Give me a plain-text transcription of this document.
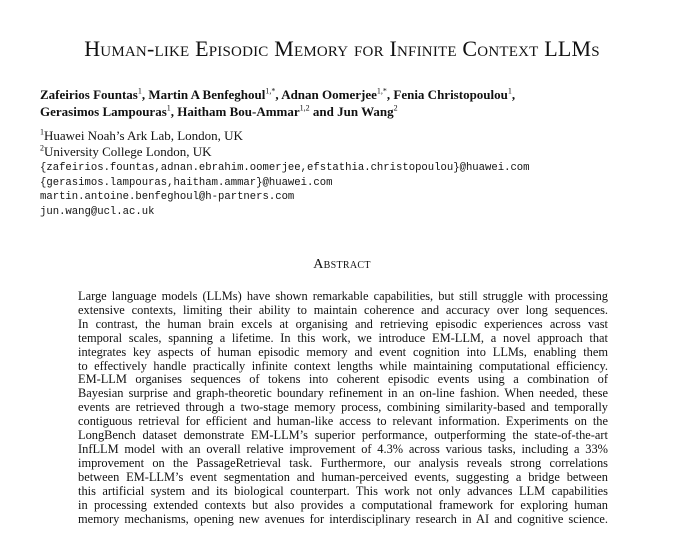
Human-like Episodic Memory for Infinite Context LLMs
Zafeirios Fountas$^1$, Martin A Benfeghoul$^{1,*}$, Adnan Oomerjee$^{1,*}$, Fenia Christopoulou$^1$,
Gerasimos Lampouras$^1$, Haitham Bou-Ammar$^{1,2}$ and Jun Wang$^2$
$^1$Huawei Noah’s Ark Lab, London, UK
$^2$University College London, UK
{zafeirios.fountas,adnan.ebrahim.oomerjee,efstathia.christopoulou}@huawei.com
{gerasimos.lampouras,haitham.ammar}@huawei.com
martin.antoine.benfeghoul@h-partners.com
jun.wang@ucl.ac.uk
Abstract
Large language models (LLMs) have shown remarkable capabilities, but still struggle with processing
extensive contexts, limiting their ability to maintain coherence and accuracy over long sequences.
In contrast, the human brain excels at organising and retrieving episodic experiences across vast
temporal scales, spanning a lifetime. In this work, we introduce EM-LLM, a novel approach that
integrates key aspects of human episodic memory and event cognition into LLMs, enabling them
to effectively handle practically infinite context lengths while maintaining computational efficiency.
EM-LLM organises sequences of tokens into coherent episodic events using a combination of
Bayesian surprise and graph-theoretic boundary refinement in an on-line fashion. When needed, these
events are retrieved through a two-stage memory process, combining similarity-based and temporally
contiguous retrieval for efficient and human-like access to relevant information. Experiments on the
LongBench dataset demonstrate EM-LLM’s superior performance, outperforming the state-of-the-art
InfLLM model with an overall relative improvement of 4.3% across various tasks, including a 33%
improvement on the PassageRetrieval task. Furthermore, our analysis reveals strong correlations
between EM-LLM’s event segmentation and human-perceived events, suggesting a bridge between
this artificial system and its biological counterpart. This work not only advances LLM capabilities
in processing extended contexts but also provides a computational framework for exploring human
memory mechanisms, opening new avenues for interdisciplinary research in AI and cognitive science.
